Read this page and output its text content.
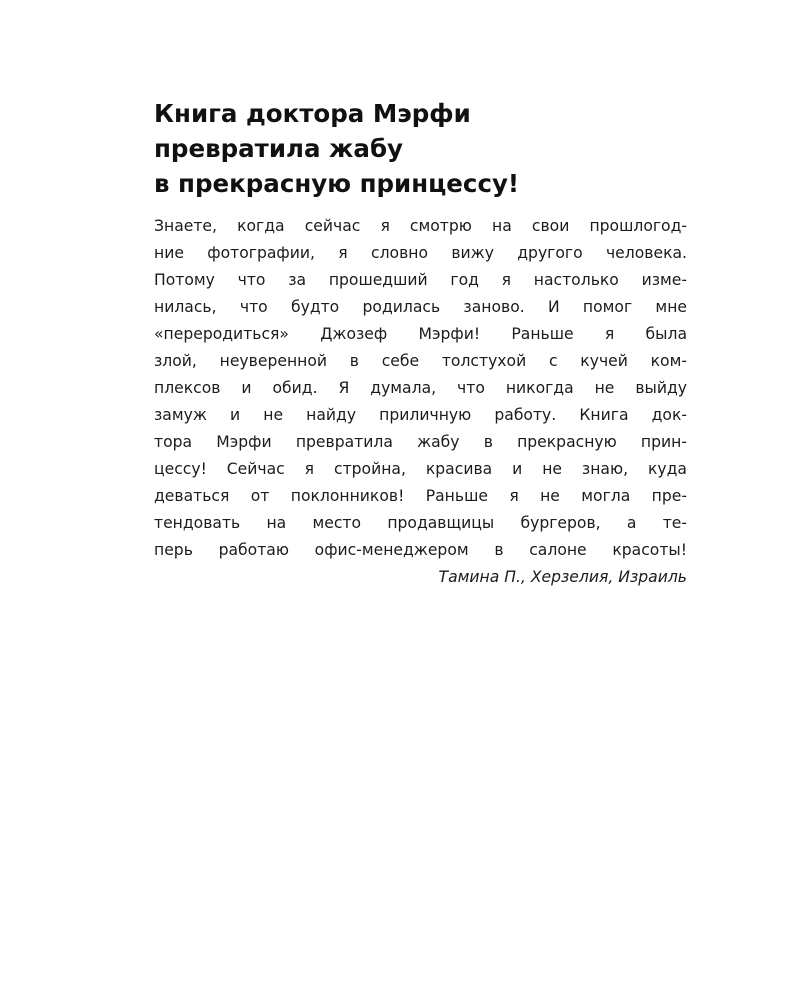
Книга доктора Мэрфи
превратила жабу
в прекрасную принцессу!
Знаете, когда сейчас я смотрю на свои прошлогод-
ние фотографии, я словно вижу другого человека.
Потому что за прошедший год я настолько изме-
нилась, что будто родилась заново. И помог мне
«переродиться» Джозеф Мэрфи! Раньше я была
злой, неуверенной в себе толстухой с кучей ком-
плексов и обид. Я думала, что никогда не выйду
замуж и не найду приличную работу. Книга док-
тора Мэрфи превратила жабу в прекрасную прин-
цессу! Сейчас я стройна, красива и не знаю, куда
деваться от поклонников! Раньше я не могла пре-
тендовать на место продавщицы бургеров, а те-
перь работаю офис-менеджером в салоне красоты!
Тамина П., Херзелия, Израиль
